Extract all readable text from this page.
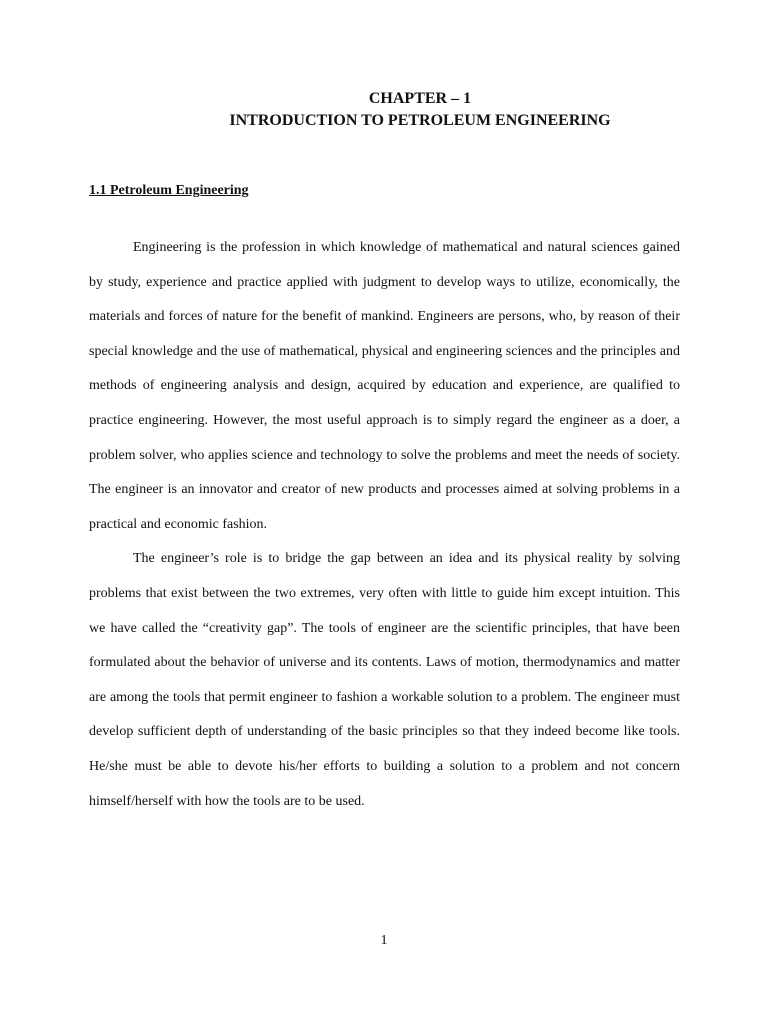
CHAPTER – 1
INTRODUCTION TO PETROLEUM ENGINEERING
1.1 Petroleum Engineering

Engineering is the profession in which knowledge of mathematical and natural sciences gained by study, experience and practice applied with judgment to develop ways to utilize, economically, the materials and forces of nature for the benefit of mankind. Engineers are persons, who, by reason of their special knowledge and the use of mathematical, physical and engineering sciences and the principles and methods of engineering analysis and design, acquired by education and experience, are qualified to practice engineering. However, the most useful approach is to simply regard the engineer as a doer, a problem solver, who applies science and technology to solve the problems and meet the needs of society. The engineer is an innovator and creator of new products and processes aimed at solving problems in a practical and economic fashion.

The engineer’s role is to bridge the gap between an idea and its physical reality by solving problems that exist between the two extremes, very often with little to guide him except intuition. This we have called the “creativity gap”. The tools of engineer are the scientific principles, that have been formulated about the behavior of universe and its contents. Laws of motion, thermodynamics and matter are among the tools that permit engineer to fashion a workable solution to a problem. The engineer must develop sufficient depth of understanding of the basic principles so that they indeed become like tools. He/she must be able to devote his/her efforts to building a solution to a problem and not concern himself/herself with how the tools are to be used.

1
